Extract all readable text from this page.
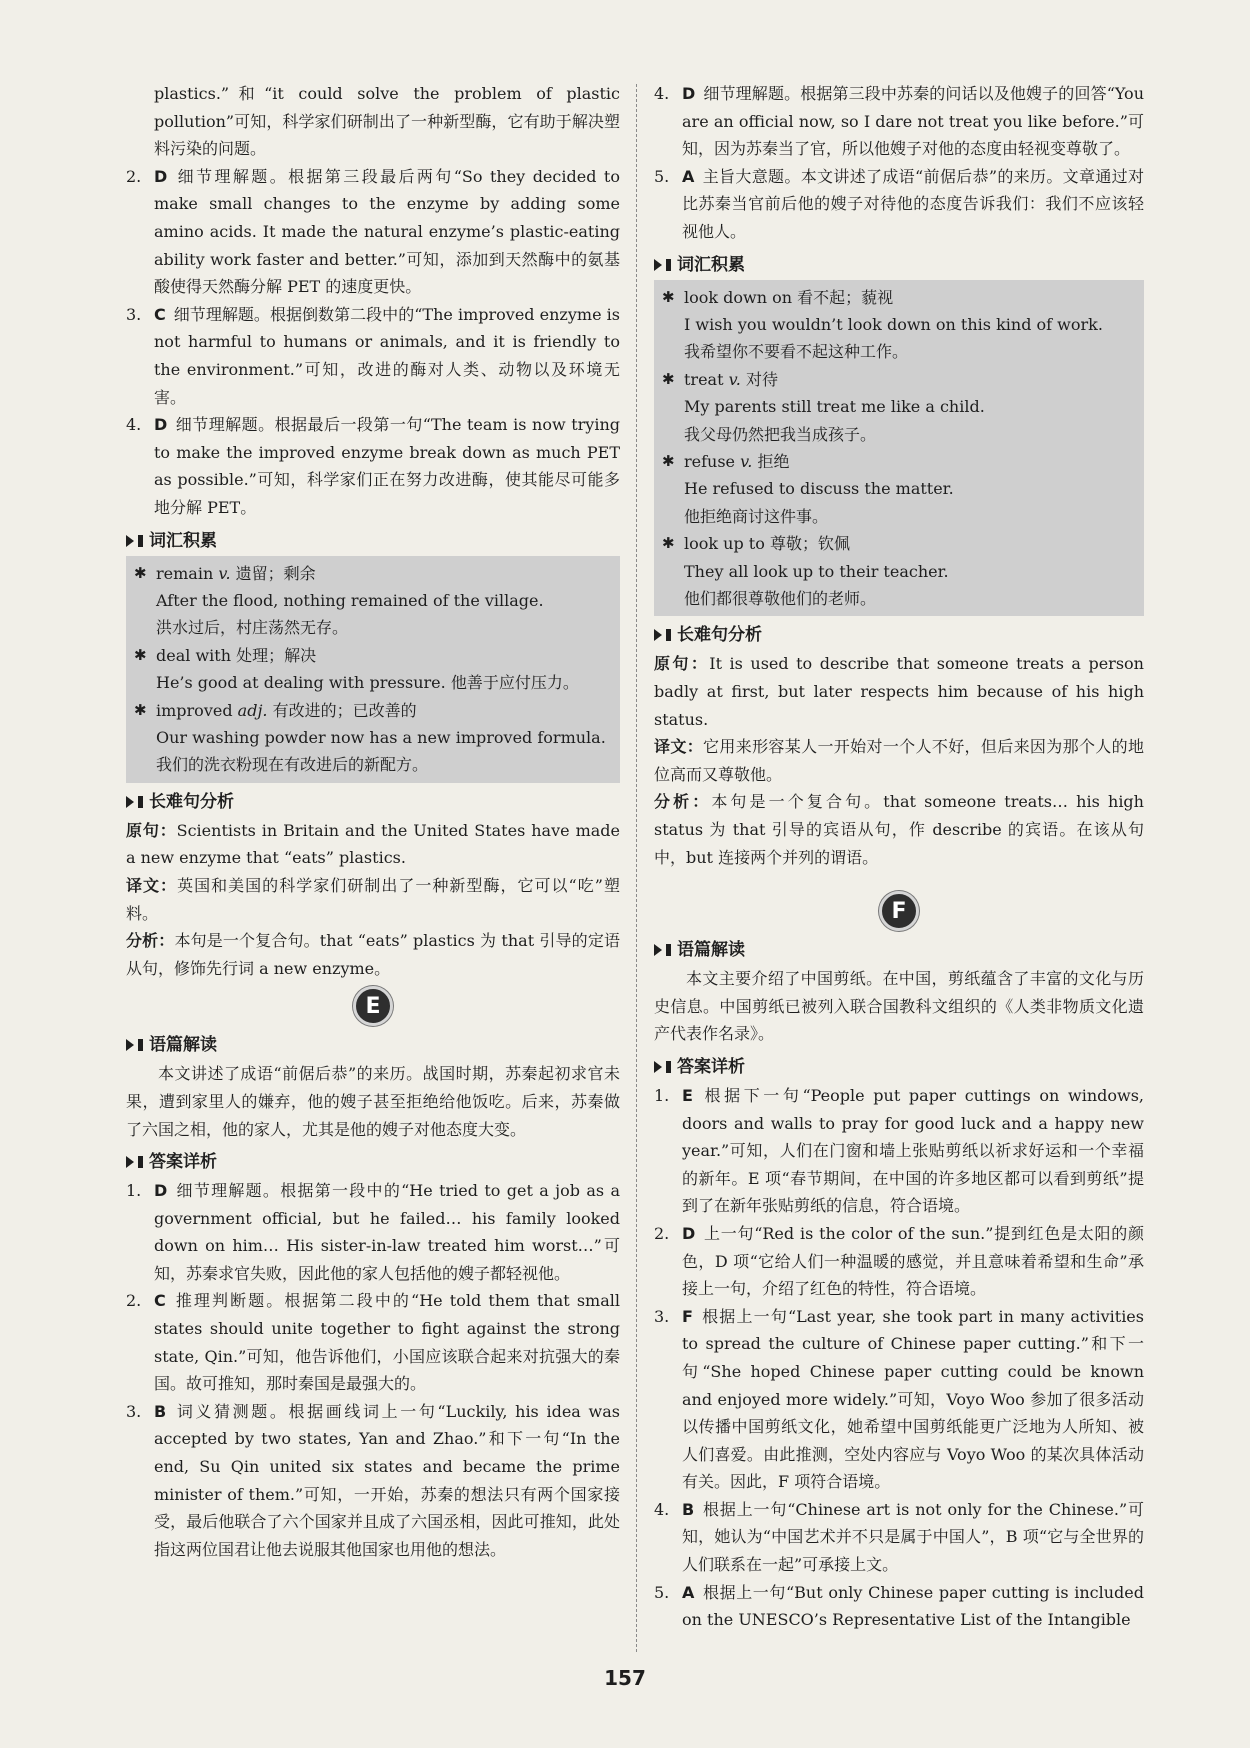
plastics.”和“it could solve the problem of plastic pollution”可知，科学家们研制出了一种新型酶，它有助于解决塑料污染的问题。

2. D 细节理解题。根据第三段最后两句“So they decided to make small changes to the enzyme by adding some amino acids. It made the natural enzyme’s plastic-eating ability work faster and better.”可知，添加到天然酶中的氨基酸使得天然酶分解 PET 的速度更快。

3. C 细节理解题。根据倒数第二段中的“The improved enzyme is not harmful to humans or animals, and it is friendly to the environment.”可知，改进的酶对人类、动物以及环境无害。

4. D 细节理解题。根据最后一段第一句“The team is now trying to make the improved enzyme break down as much PET as possible.”可知，科学家们正在努力改进酶，使其能尽可能多地分解 PET。

词汇积累

✱ remain v. 遗留；剩余

After the flood, nothing remained of the village.

洪水过后，村庄荡然无存。

✱ deal with 处理；解决

He’s good at dealing with pressure. 他善于应付压力。

✱ improved adj. 有改进的；已改善的

Our washing powder now has a new improved formula.

我们的洗衣粉现在有改进后的新配方。

长难句分析

原句：Scientists in Britain and the United States have made a new enzyme that “eats” plastics.

译文：英国和美国的科学家们研制出了一种新型酶，它可以“吃”塑料。

分析：本句是一个复合句。that “eats” plastics 为 that 引导的定语从句，修饰先行词 a new enzyme。

E
语篇解读

本文讲述了成语“前倨后恭”的来历。战国时期，苏秦起初求官未果，遭到家里人的嫌弃，他的嫂子甚至拒绝给他饭吃。后来，苏秦做了六国之相，他的家人，尤其是他的嫂子对他态度大变。

答案详析
1. D 细节理解题。根据第一段中的“He tried to get a job as a government official, but he failed… his family looked down on him… His sister-in-law treated him worst…”可知，苏秦求官失败，因此他的家人包括他的嫂子都轻视他。

2. C 推理判断题。根据第二段中的“He told them that small states should unite together to fight against the strong state, Qin.”可知，他告诉他们，小国应该联合起来对抗强大的秦国。故可推知，那时秦国是最强大的。

3. B 词义猜测题。根据画线词上一句“Luckily, his idea was accepted by two states, Yan and Zhao.”和下一句“In the end, Su Qin united six states and became the prime minister of them.”可知，一开始，苏秦的想法只有两个国家接受，最后他联合了六个国家并且成了六国丞相，因此可推知，此处指这两位国君让他去说服其他国家也用他的想法。

4. D 细节理解题。根据第三段中苏秦的问话以及他嫂子的回答“You are an official now, so I dare not treat you like before.”可知，因为苏秦当了官，所以他嫂子对他的态度由轻视变尊敬了。

5. A 主旨大意题。本文讲述了成语“前倨后恭”的来历。文章通过对比苏秦当官前后他的嫂子对待他的态度告诉我们：我们不应该轻视他人。

词汇积累

✱ look down on 看不起；藐视

I wish you wouldn’t look down on this kind of work.

我希望你不要看不起这种工作。

✱ treat v. 对待

My parents still treat me like a child.

我父母仍然把我当成孩子。

✱ refuse v. 拒绝

He refused to discuss the matter.

他拒绝商讨这件事。

✱ look up to 尊敬；钦佩

They all look up to their teacher.

他们都很尊敬他们的老师。

长难句分析

原句：It is used to describe that someone treats a person badly at first, but later respects him because of his high status.

译文：它用来形容某人一开始对一个人不好，但后来因为那个人的地位高而又尊敬他。

分析：本句是一个复合句。that someone treats… his high status 为 that 引导的宾语从句，作 describe 的宾语。在该从句中，but 连接两个并列的谓语。

F
语篇解读

本文主要介绍了中国剪纸。在中国，剪纸蕴含了丰富的文化与历史信息。中国剪纸已被列入联合国教科文组织的《人类非物质文化遗产代表作名录》。

答案详析
1. E 根据下一句“People put paper cuttings on windows, doors and walls to pray for good luck and a happy new year.”可知，人们在门窗和墙上张贴剪纸以祈求好运和一个幸福的新年。E 项“春节期间，在中国的许多地区都可以看到剪纸”提到了在新年张贴剪纸的信息，符合语境。

2. D 上一句“Red is the color of the sun.”提到红色是太阳的颜色，D 项“它给人们一种温暖的感觉，并且意味着希望和生命”承接上一句，介绍了红色的特性，符合语境。

3. F 根据上一句“Last year, she took part in many activities to spread the culture of Chinese paper cutting.”和下一句“She hoped Chinese paper cutting could be known and enjoyed more widely.”可知，Voyo Woo 参加了很多活动以传播中国剪纸文化，她希望中国剪纸能更广泛地为人所知、被人们喜爱。由此推测，空处内容应与 Voyo Woo 的某次具体活动有关。因此，F 项符合语境。

4. B 根据上一句“Chinese art is not only for the Chinese.”可知，她认为“中国艺术并不只是属于中国人”，B 项“它与全世界的人们联系在一起”可承接上文。

5. A 根据上一句“But only Chinese paper cutting is included on the UNESCO’s Representative List of the Intangible

157
